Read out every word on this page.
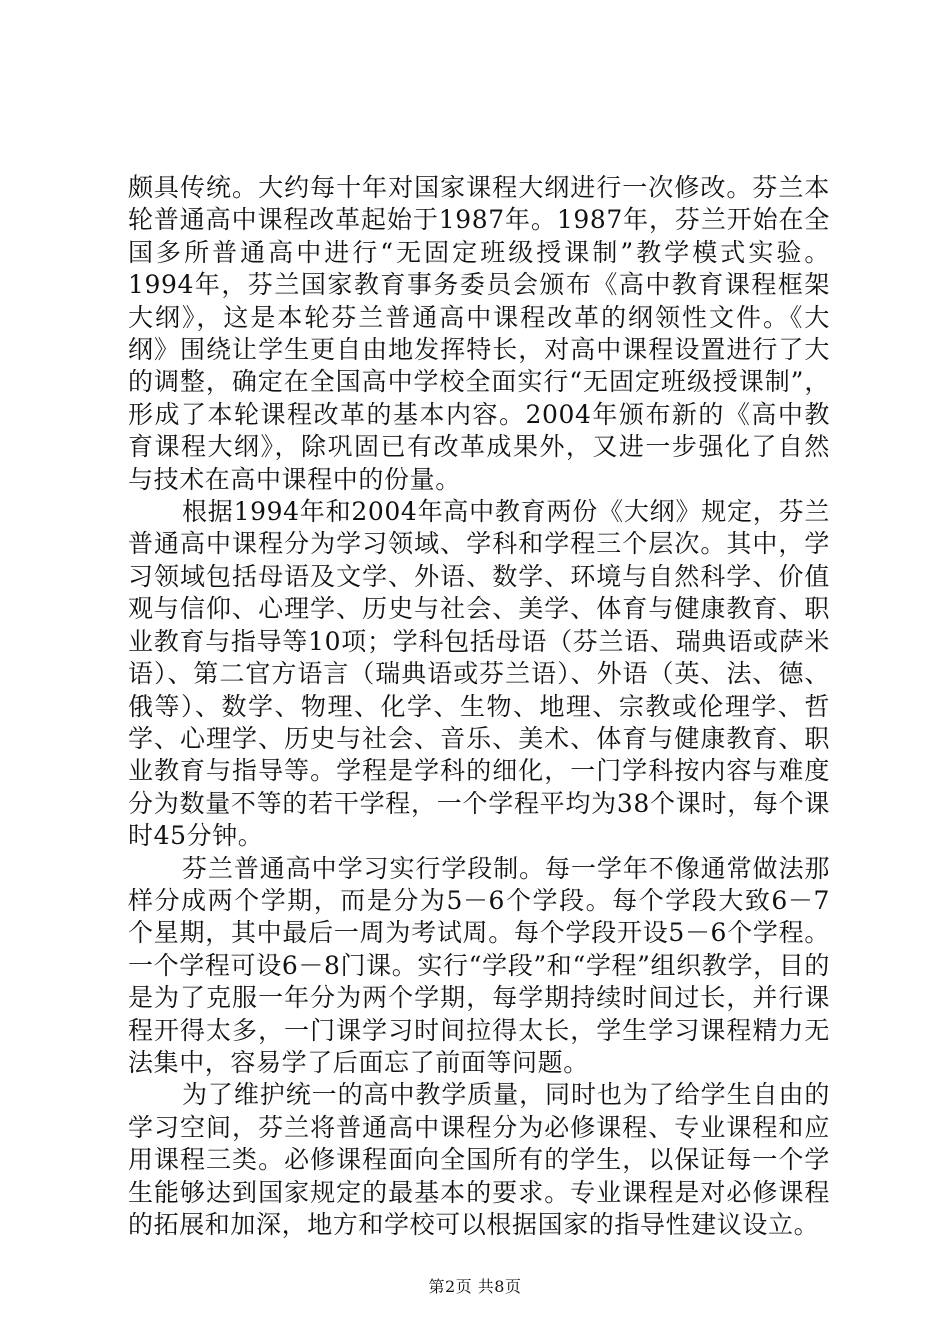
颇具传统。大约每十年对国家课程大纲进行一次修改。芬兰本轮普通高中课程改革起始于1987年。1987年，芬兰开始在全国多所普通高中进行“无固定班级授课制”教学模式实验。1994年，芬兰国家教育事务委员会颁布《高中教育课程框架大纲》，这是本轮芬兰普通高中课程改革的纲领性文件。《大纲》围绕让学生更自由地发挥特长，对高中课程设置进行了大的调整，确定在全国高中学校全面实行“无固定班级授课制”，形成了本轮课程改革的基本内容。2004年颁布新的《高中教育课程大纲》，除巩固已有改革成果外，又进一步强化了自然与技术在高中课程中的份量。

根据1994年和2004年高中教育两份《大纲》规定，芬兰普通高中课程分为学习领域、学科和学程三个层次。其中，学习领域包括母语及文学、外语、数学、环境与自然科学、价值观与信仰、心理学、历史与社会、美学、体育与健康教育、职业教育与指导等10项；学科包括母语（芬兰语、瑞典语或萨米语）、第二官方语言（瑞典语或芬兰语）、外语（英、法、德、俄等）、数学、物理、化学、生物、地理、宗教或伦理学、哲学、心理学、历史与社会、音乐、美术、体育与健康教育、职业教育与指导等。学程是学科的细化，一门学科按内容与难度分为数量不等的若干学程，一个学程平均为38个课时，每个课时45分钟。

芬兰普通高中学习实行学段制。每一学年不像通常做法那样分成两个学期，而是分为5－6个学段。每个学段大致6－7个星期，其中最后一周为考试周。每个学段开设5－6个学程。一个学程可设6－8门课。实行“学段”和“学程”组织教学，目的是为了克服一年分为两个学期，每学期持续时间过长，并行课程开得太多，一门课学习时间拉得太长，学生学习课程精力无法集中，容易学了后面忘了前面等问题。

为了维护统一的高中教学质量，同时也为了给学生自由的学习空间，芬兰将普通高中课程分为必修课程、专业课程和应用课程三类。必修课程面向全国所有的学生，以保证每一个学生能够达到国家规定的最基本的要求。专业课程是对必修课程的拓展和加深，地方和学校可以根据国家的指导性建议设立。

第2页 共8页
